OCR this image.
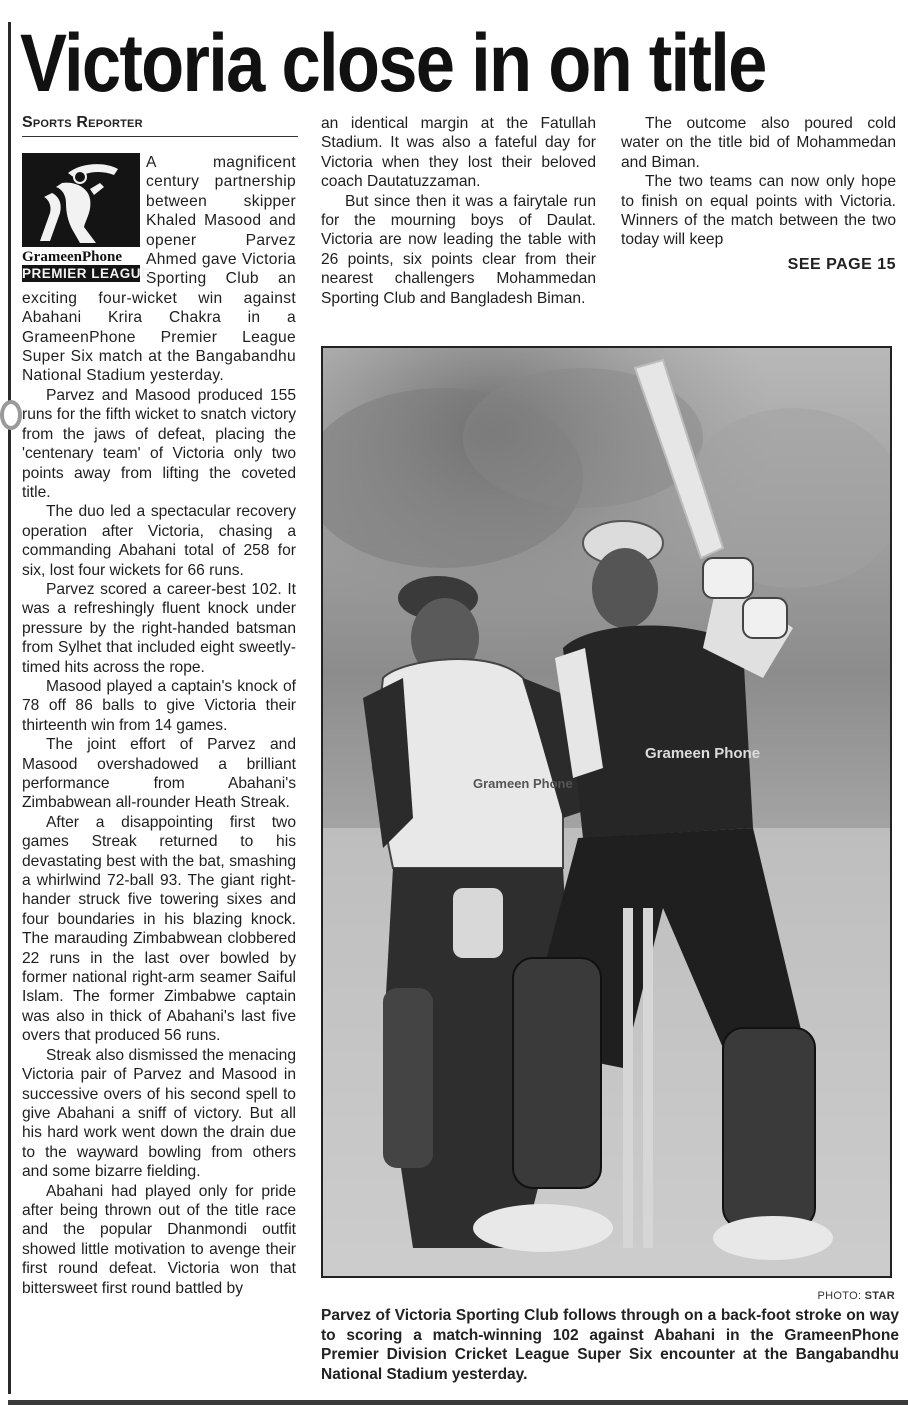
Victoria close in on title
Sports Reporter
GrameenPhone
PREMIER LEAGUE

A magnificent century partnership between skipper Khaled Masood and opener Parvez Ahmed gave Victoria Sporting Club an exciting four-wicket win against Abahani Krira Chakra in a GrameenPhone Premier League Super Six match at the Bangabandhu National Stadium yesterday.

Parvez and Masood produced 155 runs for the fifth wicket to snatch victory from the jaws of defeat, placing the 'centenary team' of Victoria only two points away from lifting the coveted title.

The duo led a spectacular recovery operation after Victoria, chasing a commanding Abahani total of 258 for six, lost four wickets for 66 runs.

Parvez scored a career-best 102. It was a refreshingly fluent knock under pressure by the right-handed batsman from Sylhet that included eight sweetly-timed hits across the rope.

Masood played a captain's knock of 78 off 86 balls to give Victoria their thirteenth win from 14 games.

The joint effort of Parvez and Masood overshadowed a brilliant performance from Abahani's Zimbabwean all-rounder Heath Streak.

After a disappointing first two games Streak returned to his devastating best with the bat, smashing a whirlwind 72-ball 93. The giant right-hander struck five towering sixes and four boundaries in his blazing knock. The marauding Zimbabwean clobbered 22 runs in the last over bowled by former national right-arm seamer Saiful Islam. The former Zimbabwe captain was also in thick of Abahani's last five overs that produced 56 runs.

Streak also dismissed the menacing Victoria pair of Parvez and Masood in successive overs of his second spell to give Abahani a sniff of victory. But all his hard work went down the drain due to the wayward bowling from others and some bizarre fielding.

Abahani had played only for pride after being thrown out of the title race and the popular Dhanmondi outfit showed little motivation to avenge their first round defeat. Victoria won that bittersweet first round battled by

an identical margin at the Fatullah Stadium. It was also a fateful day for Victoria when they lost their beloved coach Dautatuzzaman.

But since then it was a fairytale run for the mourning boys of Daulat. Victoria are now leading the table with 26 points, six points clear from their nearest challengers Mohammedan Sporting Club and Bangladesh Biman.

The outcome also poured cold water on the title bid of Mohammedan and Biman.

The two teams can now only hope to finish on equal points with Victoria. Winners of the match between the two today will keep

SEE PAGE 15
Grameen Phone
Grameen Phone
PHOTO: STAR
Parvez of Victoria Sporting Club follows through on a back-foot stroke on way to scoring a match-winning 102 against Abahani in the GrameenPhone Premier Division Cricket League Super Six encounter at the Bangabandhu National Stadium yesterday.
